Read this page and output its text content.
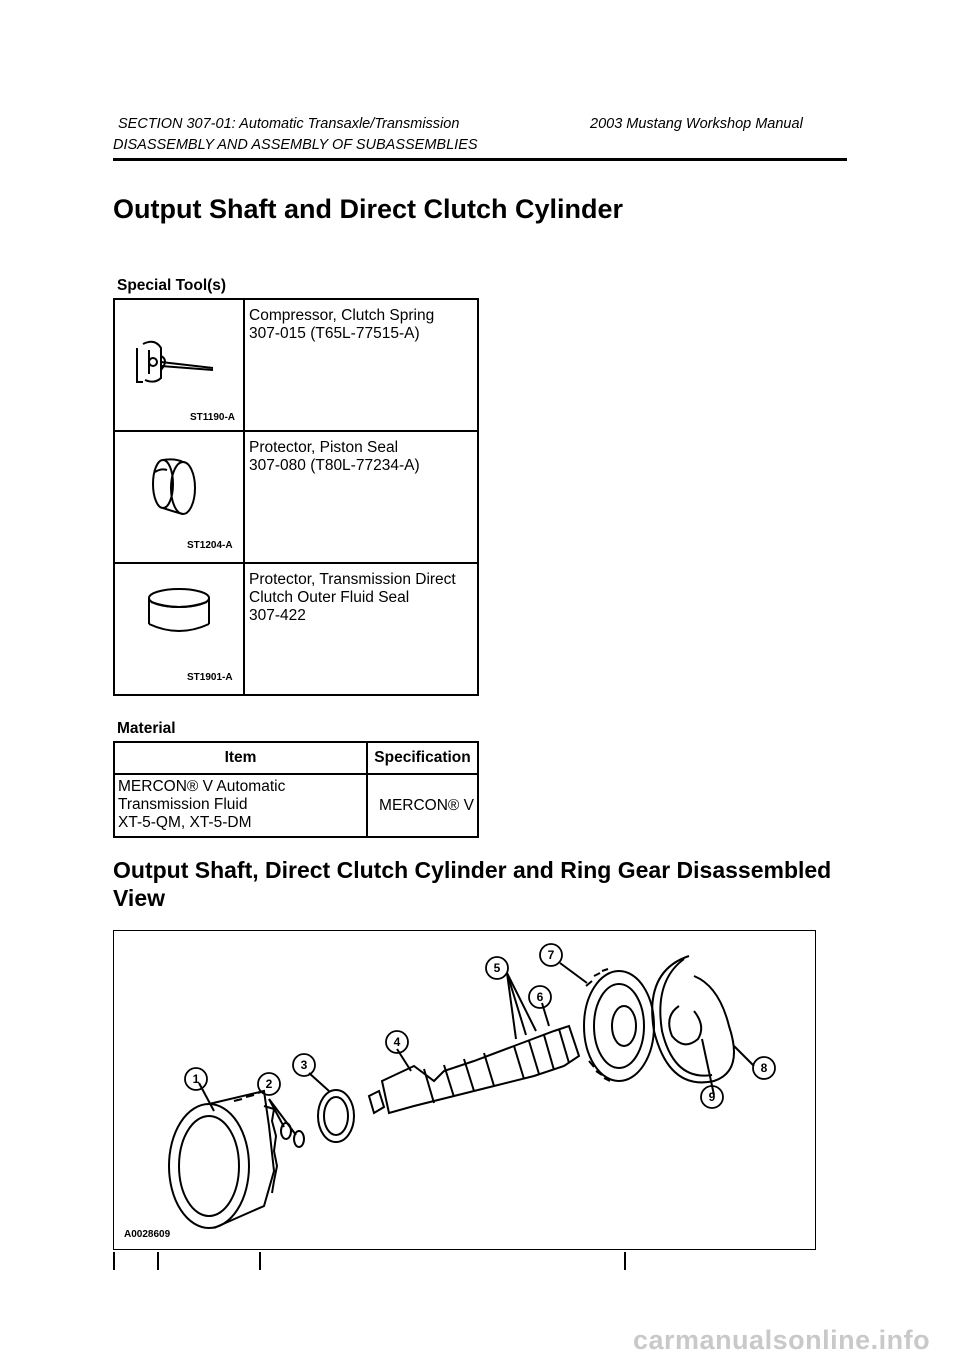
SECTION 307-01: Automatic Transaxle/Transmission	2003 Mustang Workshop Manual
DISASSEMBLY AND ASSEMBLY OF SUBASSEMBLIES
Output Shaft and Direct Clutch Cylinder
Special Tool(s)
ST1190-A	Compressor, Clutch Spring
307-015 (T65L-77515-A)

ST1204-A	Protector, Piston Seal
307-080 (T80L-77234-A)

ST1901-A	Protector, Transmission Direct
Clutch Outer Fluid Seal
307-422
Material
Item	Specification

MERCON® V Automatic
Transmission Fluid
XT-5-QM, XT-5-DM	MERCON® V
Output Shaft, Direct Clutch Cylinder and Ring Gear Disassembled View
1	2
3
4
5
6
7
8
9
A0028609
carmanualsonline.info
